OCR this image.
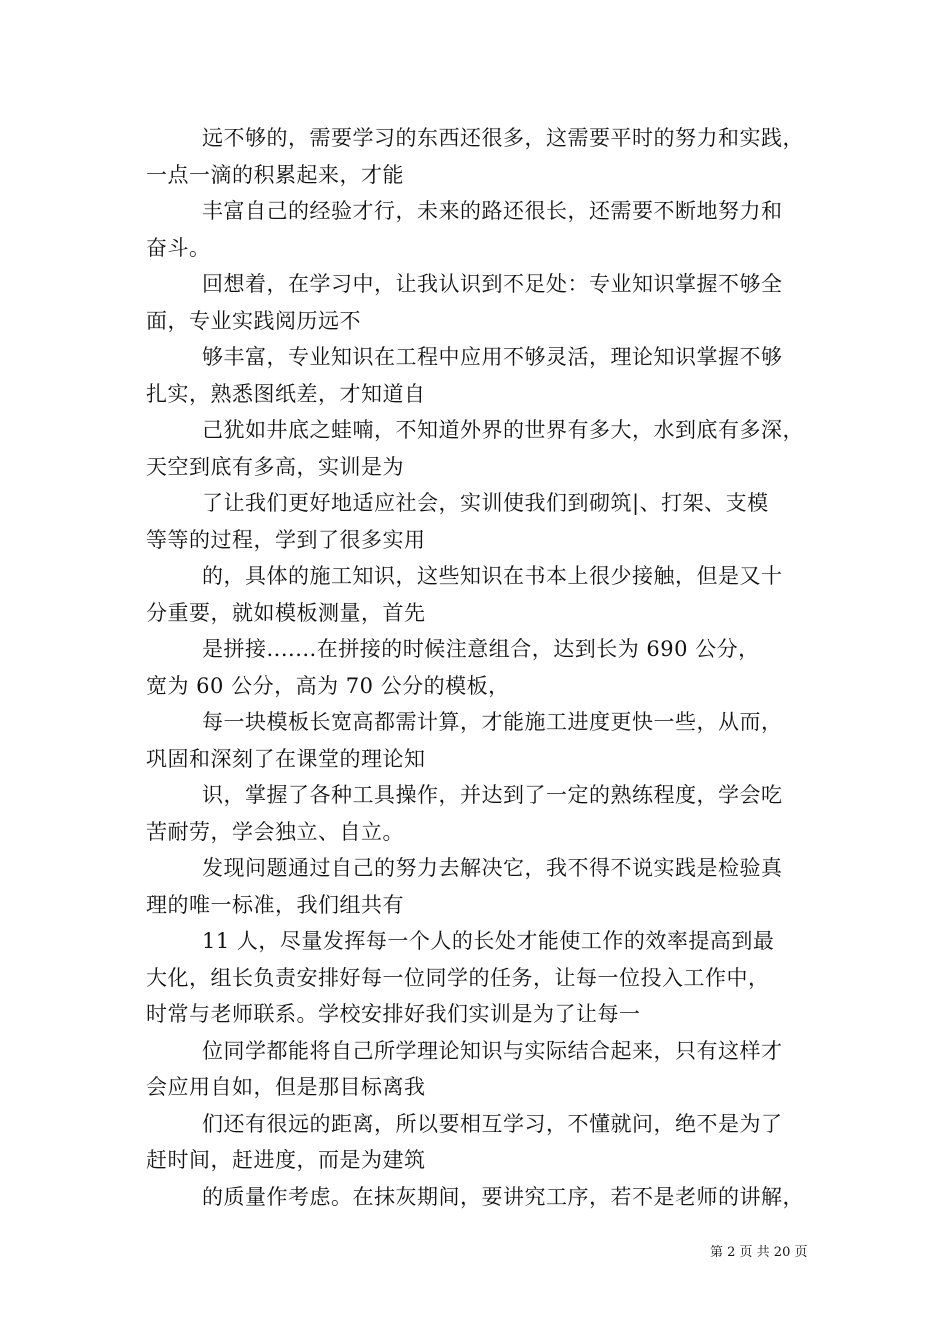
远不够的，需要学习的东西还很多，这需要平时的努力和实践，
一点一滴的积累起来，才能
丰富自己的经验才行，未来的路还很长，还需要不断地努力和
奋斗。
回想着，在学习中，让我认识到不足处：专业知识掌握不够全
面，专业实践阅历远不
够丰富，专业知识在工程中应用不够灵活，理论知识掌握不够
扎实，熟悉图纸差，才知道自
己犹如井底之蛙喃，不知道外界的世界有多大，水到底有多深，
天空到底有多高，实训是为
了让我们更好地适应社会，实训使我们到砌筑|、打架、支模
等等的过程，学到了很多实用
的，具体的施工知识，这些知识在书本上很少接触，但是又十
分重要，就如模板测量，首先
是拼接.......在拼接的时候注意组合，达到长为 690 公分，
宽为 60 公分，高为 70 公分的模板，
每一块模板长宽高都需计算，才能施工进度更快一些，从而，
巩固和深刻了在课堂的理论知
识，掌握了各种工具操作，并达到了一定的熟练程度，学会吃
苦耐劳，学会独立、自立。
发现问题通过自己的努力去解决它，我不得不说实践是检验真
理的唯一标准，我们组共有
11 人，尽量发挥每一个人的长处才能使工作的效率提高到最
大化，组长负责安排好每一位同学的任务，让每一位投入工作中，
时常与老师联系。学校安排好我们实训是为了让每一
位同学都能将自己所学理论知识与实际结合起来，只有这样才
会应用自如，但是那目标离我
们还有很远的距离，所以要相互学习，不懂就问，绝不是为了
赶时间，赶进度，而是为建筑
的质量作考虑。在抹灰期间，要讲究工序，若不是老师的讲解，
第 2 页 共 20 页
